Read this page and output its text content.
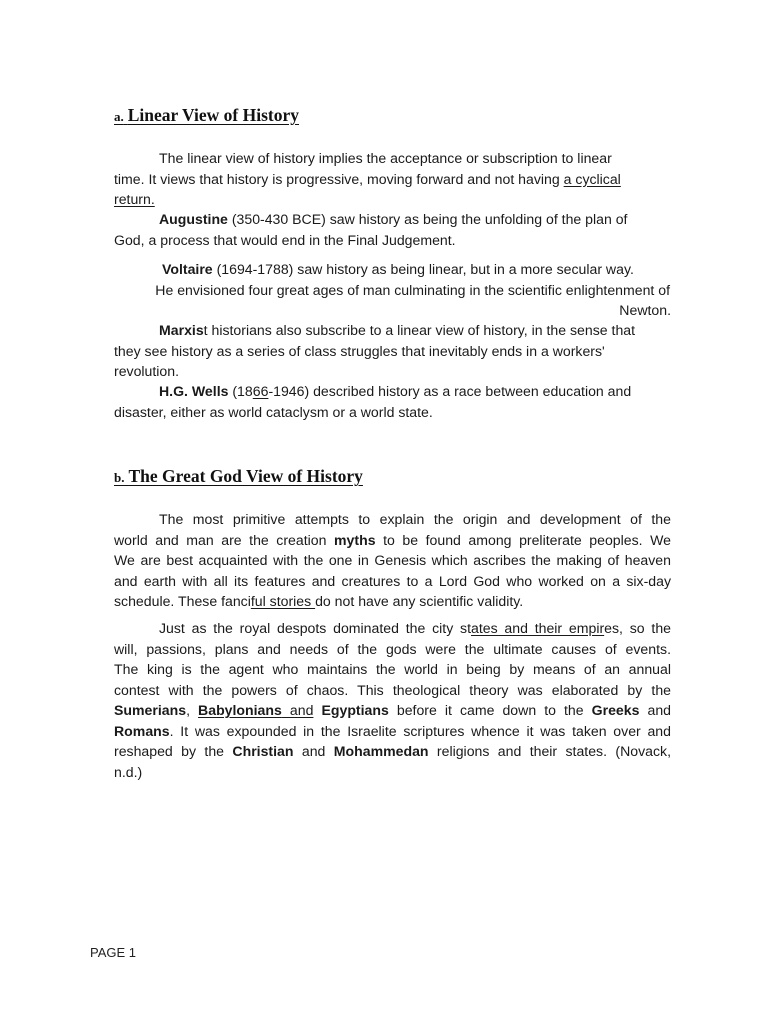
a. Linear View of History
The linear view of history implies the acceptance or subscription to linear
time. It views that history is progressive, moving forward and not having a cyclical
return.
Augustine (350-430 BCE) saw history as being the unfolding of the plan of
God, a process that would end in the Final Judgement.
Voltaire (1694-1788) saw history as being linear, but in a more secular way.
He envisioned four great ages of man culminating in the scientific enlightenment of
Newton.
Marxist historians also subscribe to a linear view of history, in the sense that
they see history as a series of class struggles that inevitably ends in a workers'
revolution.
H.G. Wells (1866-1946) described history as a race between education and
disaster, either as world cataclysm or a world state.
b. The Great God View of History
The most primitive attempts to explain the origin and development of the
world and man are the creation myths to be found among preliterate peoples. We
We are best acquainted with the one in Genesis which ascribes the making of heaven
and earth with all its features and creatures to a Lord God who worked on a six-day
schedule. These fanciful stories do not have any scientific validity.
Just as the royal despots dominated the city states and their empires, so the
will, passions, plans and needs of the gods were the ultimate causes of events.
The king is the agent who maintains the world in being by means of an annual
contest with the powers of chaos. This theological theory was elaborated by the
Sumerians, Babylonians and Egyptians before it came down to the Greeks and
Romans. It was expounded in the Israelite scriptures whence it was taken over and
reshaped by the Christian and Mohammedan religions and their states. (Novack,
n.d.)
PAGE 1
